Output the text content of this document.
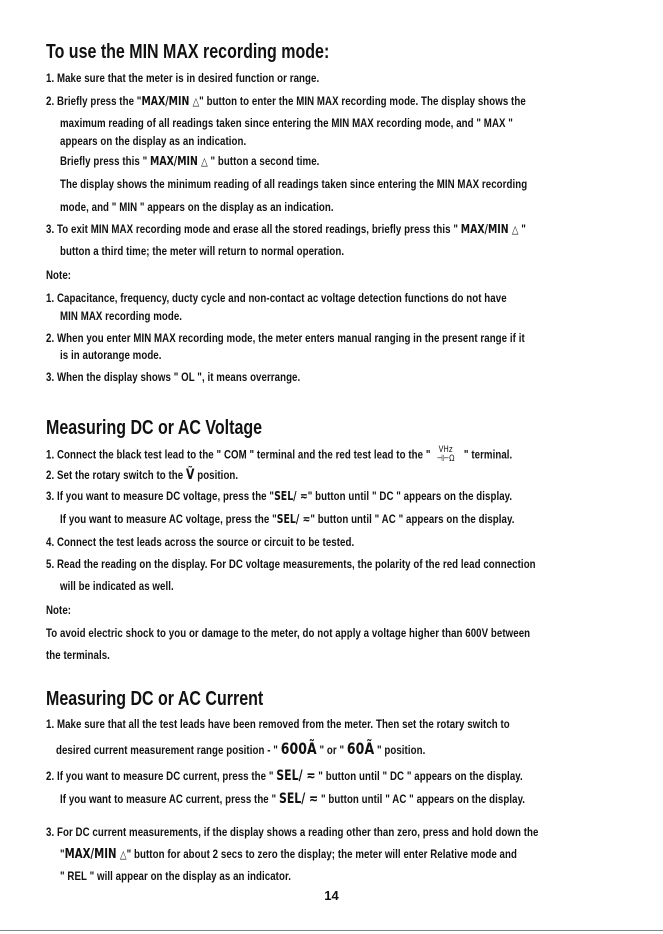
To use the MIN MAX recording mode:
1. Make sure that the meter is in desired function or range.
2. Briefly press the "MAX/MIN △" button to enter the MIN MAX recording mode. The display shows the
maximum reading of all readings taken since entering the MIN MAX recording mode, and " MAX "
appears on the display as an indication.
Briefly press this " MAX/MIN △ " button a second time.
The display shows the minimum reading of all readings taken since entering the MIN MAX recording
mode, and " MIN " appears on the display as an indication.
3. To exit MIN MAX recording mode and erase all the stored readings, briefly press this " MAX/MIN △ "
button a third time; the meter will return to normal operation.
Note:
1. Capacitance, frequency, ducty cycle and non-contact ac voltage detection functions do not have
MIN MAX recording mode.
2. When you enter MIN MAX recording mode, the meter enters manual ranging in the present range if it
is in autorange mode.
3. When the display shows " OL ", it means overrange.
Measuring DC or AC Voltage
1. Connect the black test lead to the " COM " terminal and the red test lead to the " VHz
⊣⊢Ω " terminal.
2. Set the rotary switch to the Ṽ position.
3. If you want to measure DC voltage, press the "SEL/ ≂" button until " DC " appears on the display.
If you want to measure AC voltage, press the "SEL/ ≂" button until " AC " appears on the display.
4. Connect the test leads across the source or circuit to be tested.
5. Read the reading on the display. For DC voltage measurements, the polarity of the red lead connection
will be indicated as well.
Note:
To avoid electric shock to you or damage to the meter, do not apply a voltage higher than 600V between
the terminals.
Measuring DC or AC Current
1. Make sure that all the test leads have been removed from the meter. Then set the rotary switch to
desired current measurement range position - " 600Ã " or " 60Ã " position.
2. If you want to measure DC current, press the " SEL/ ≂ " button until " DC " appears on the display.
If you want to measure AC current, press the " SEL/ ≂ " button until " AC " appears on the display.
3. For DC current measurements, if the display shows a reading other than zero, press and hold down the
"MAX/MIN △" button for about 2 secs to zero the display; the meter will enter Relative mode and
" REL " will appear on the display as an indicator.
14
